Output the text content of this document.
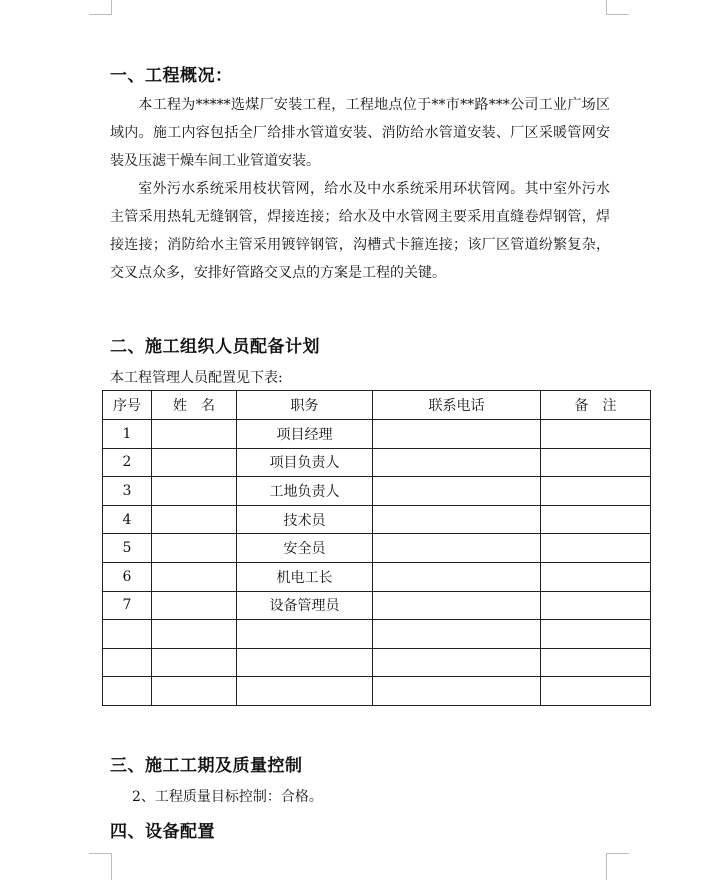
一、工程概况：
本工程为*****选煤厂安装工程，工程地点位于**市**路***公司工业广场区域内。施工内容包括全厂给排水管道安装、消防给水管道安装、厂区采暖管网安装及压滤干燥车间工业管道安装。
室外污水系统采用枝状管网，给水及中水系统采用环状管网。其中室外污水主管采用热轧无缝钢管，焊接连接；给水及中水管网主要采用直缝卷焊钢管，焊接连接；消防给水主管采用镀锌钢管，沟槽式卡箍连接；该厂区管道纷繁复杂，交叉点众多，安排好管路交叉点的方案是工程的关键。
二、施工组织人员配备计划
本工程管理人员配置见下表:
序号	姓　名	职务	联系电话	备　注
1		项目经理		
2		项目负责人		
3		工地负责人		
4		技术员		
5		安全员		
6		机电工长		
7		设备管理员		

三、施工工期及质量控制
2、工程质量目标控制：合格。
四、设备配置
